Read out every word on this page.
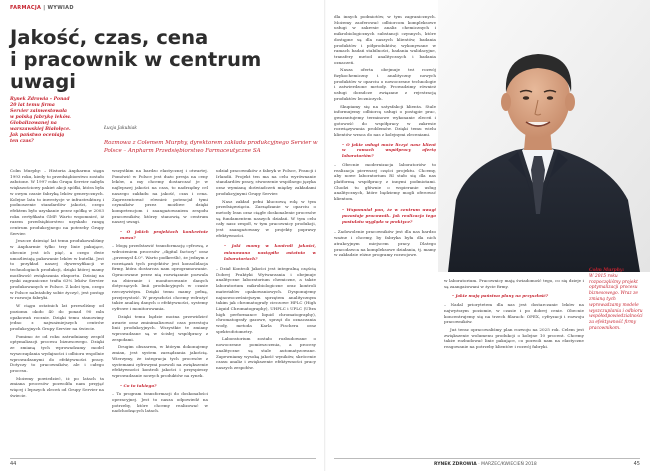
FARMACJA | WYWIAD
Jakość, czas, cena
i pracownik w centrum uwagi
Rynek Zdrowia – Ponad 20 lat temu firma Servier zainwestowała w polską fabrykę leków. Globalizowanej na warszawskiej Białołęce. Jak państwo oceniają ten czas?
Łucja Jakubiak
Rozmowa z Colemem Murphy, dyrektorem zakładu produkcyjnego Servier w Polsce – Anpharm Przedsiębiorstwo Farmaceutyczne SA

Colm Murphy: – Historia Anpharmu sięga 1993 roku, kiedy to przedsiębiorstwo zostało założone. W 1997 roku Grupa Servier nabyła większościowy pakiet akcji spółki, która była w owym czasie fabryką leków generycznych. Kolejne lata to inwestycje w infrastrukturę i podnoszenie standardów jakości, czego efektem było uzyskanie przez spółkę w 2003 roku certyfikatu GMP. Warto wspomnieć, iż razem przedsiębiorstwo uzyskało rangę centrum produkcyjnego na potrzeby Grupy Servier.

Jeszcze dziesięć lat temu produkowaliśmy w Anpharmie tylko trzy linie pakujące, obecnie jest ich pięć, a czego dwie umożliwiają pakowanie leków w butelki. Jest to przykład naszej dywersyfikacji w technologiach produkcji, dzięki której mamy możliwość zwiększania eksportu. Dzisiaj na rynki zagraniczne trafia 63% leków Servier produkowanych w Polsce. Z kolei tym, czego w Polsce należałoby sobie życzyć, jest postęp w rozwoju fabryki.

W ciągu ostatnich lat przeszliśmy od poziomu około 40 do ponad 90 mln opakowań rocznie. Dzięki temu stanowimy jedno z najważniejszych centrów produkcyjnych Grupy Servier na świecie.

Pomimo że od roku zatrudniamy zespół optymalizacji procesu biznesowego. Dzięki ze zmianą tych wprowadzamy model wyszczuplania wydajności i odbioru wspólnie wprowadzanymi do efektywności pracy. Dotyczy to pracowników, ale i całego procesu.

Możemy powiedzieć, iż po latach ta zmiana procesów pozwoliła nam przyjąć więcej i lepszych zleceń od Grupy Servier na świecie.

wszystkim na bardzo elastycznej i otwartej. Pomówić w Polsce jest dużo presja na ceny leków, a my chcemy dostarczać je w najlepszej jakości na czas, to nadrzędny cel naszego zakładu na jakość, czas i cena. Zaprezentować również potencjał tymi czynników przez możliwe dzięki kompetencjom i zaangażowaniem zespołu pracowników, którzy stanowią w centrum naszej uwagi.

– O jakich projektach konkretnie mowa?

– Mogę przedstawić transformację cyfrową, z wdrożeniem procesów „digital factory" oraz „przemysł 4.0". Warto podkreślić, że jednym z rozwiązań tych projektów jest konsolidacja firmy, która dostarcza nam oprogramowanie. Opracowane przez nią rozwiązanie pozwala na zbieranie i monitorowanie danych dotyczących linii produkcyjnych w czasie rzeczywistym. Dzięki temu mamy pełną, przejrzystość. W przyszłości chcemy wdrożyć także analizę danych o efektywności, systemy cyfrowe i monitorowania.

Dzięki temu będzie można przewidzieć awarie oraz zminimalizować czas przestoju linii produkcyjnych. Wszystkie te zmiany wprowadzane są w ścisłej współpracy z zespołami.

Drugim obszarem, w którym dokonujemy zmian, jest system zarządzania jakością. Wierzymy, że integracja tych procesów z systemami cyfrowymi pozwoli na zwiększenie efektywności kontroli jakości i przyspieszy wprowadzanie nowych produktów na rynek.

– Co to takiego?

– To program transformacji do doskonałości operacyjnej. Jest to nasza odpowiedź na potrzeby, które chcemy realizować w nadchodzących latach.

udział pracowników z fabryk w Polsce, Francji i Irlandii. Projekt ten ma na celu wyrównanie standardów pracy, stworzenie wspólnego języka oraz wymianę doświadczeń między zakładami produkcyjnymi Grupy Servier.

Nasz zakład pełni kluczową rolę w tym przedsięwzięciu. Zarządzanie w oparciu o metody lean oraz ciągłe doskonalenie procesów są fundamentem naszych działań. W tym celu cały nasz zespół, w tym pracownicy produkcji, jest zaangażowany w projekty poprawy efektywności.

– Jaki mamy w kontroli jakości, mianowano nastąpiło ostatnio w laboratoriach?

– Dział Kontroli Jakości jest integralną częścią Dobrej Praktyki Wytwarzania i obejmuje analityczne laboratorium chemiczne, a także laboratorium mikrobiologiczne oraz kontroli materiałów opakowaniowych. Dysponujemy najnowocześniejszym sprzętem analitycznym takim jak chromatografy cieczowe HPLC (High Liquid Chromatography), UHPLC i UPLC (Ultra high performance liquid chromatography), chromatografy gazowe, sprzęt do oznaczania wody, metoda Karla Fischera oraz spektrofotometry.

Laboratorium zostało rozbudowane o nowoczesne pomieszczenia, a procesy analityczne są stale automatyzowane. Zapewniamy wysoką jakość wyników, skrócenie czasu analiz i zwiększenie efektywności pracy naszych zespołów.

dla innych podmiotów, w tym zagranicznych. Możemy zaoferować odbiorcom kompleksowe usługi w zakresie analiz chemicznych i mikrobiologicznych substancji czynnych, które dostępne są dla naszych klientów, badania produktów i półproduktów, wykonywane w ramach badań stabilności, badania walidacyjne, transfery metod analitycznych i badania oznaczeń.

Nasza oferta obejmuje też rozwój fizykochemiczny i analityczny nowych produktów w oparciu o nowoczesne technologie i zatwierdzone metody. Prowadzimy również usługi doradcze związane z rejestracją produktów leczniczych.

Skupiamy się na satysfakcji klienta. Stale informujemy odbiorcę usługi o postępie prac, gwarantujemy terminowe wykonanie zleceń i gotowość do współpracy w zakresie rozwiązywania problemów. Dzięki temu wielu klientów wraca do nas z kolejnymi zleceniami.

– O jakie usługi może liczyć nasz klient w ramach współpracy ofertą laboratoriów?

– Obecnie modernizacja laboratoriów to realizacja pierwszej części projektu. Chcemy, aby nowe laboratorium RI stało się dla nas platformą współpracy z innymi podmiotami. Chodzi tu głównie o wspieranie usług analitycznych, które będziemy mogli oferować klientom.

– Wspomniał pan, że w centrum uwagi pozostaje pracownik. Jak realizacja tego postulatu wygląda w praktyce?

– Zadowolenie pracowników jest dla nas bardzo ważne i chcemy, by fabryka była dla nich atrakcyjnym miejscem pracy. Dlatego pracodawca na kompleksowe działania, tj. mamy w zakładzie różne programy rozwojowe.

w laboratorium. Pracownicy mają świadomość tego, co się dzieje i są zaangażowani w życie firmy.

– Jakie mają państwo plany na przyszłość?

– Nadal priorytetem dla nas jest dostarczanie leków na najwyższym poziomie, w czasie i po dobrej cenie. Obecnie koncentrujemy się na trzech filarach: OPEX, cyfryzacji i rozwoju pracowników.

Już teraz opracowaliśmy plan rozwoju na 2025 rok. Celem jest zwiększenie wolumenu produkcji o kolejne 10 procent. Chcemy także rozbudować linie pakujące, co pozwoli nam na elastyczne reagowanie na potrzeby klientów i rozwój fabryki.

Colm Murphy:
W 2015 roku rozpoczęliśmy projekt optymalizacji procesu biznesowego. Wraz ze zmianą tych wprowadzamy modele wyszczuplania i odbioru współodpowiedzialności za efektywność firmy pracownikom.
44	RYNEK ZDROWIA · MARZEC/KWIECIEŃ 2018	45
